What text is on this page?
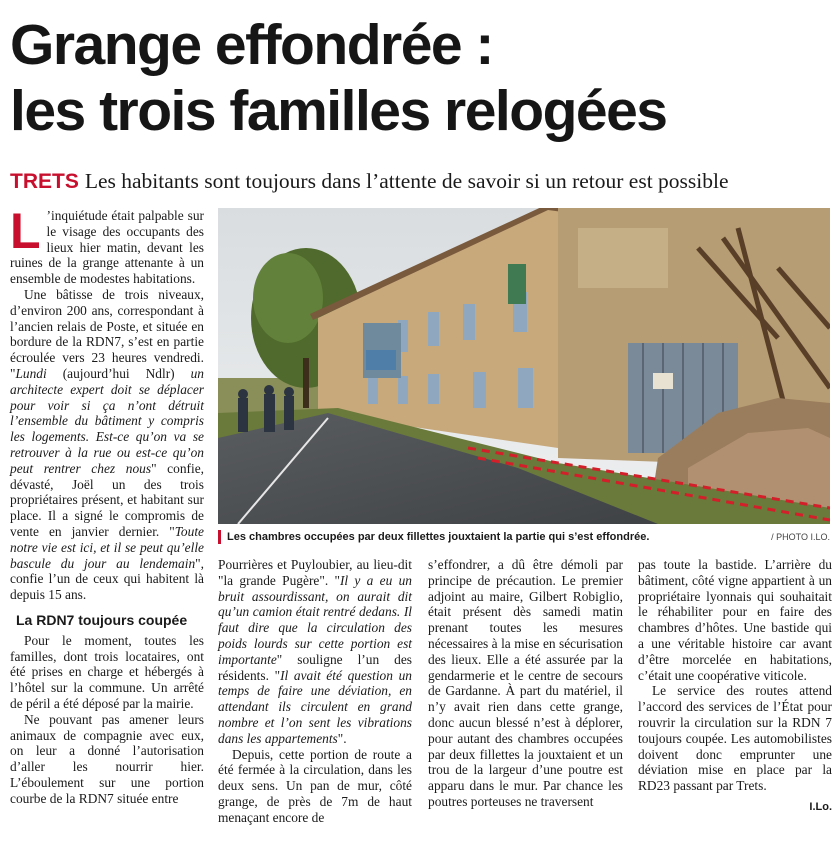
Grange effondrée :
les trois familles relogées
TRETS Les habitants sont toujours dans l’attente de savoir si un retour est possible
L ’inquiétude était palpable sur le visage des occupants des lieux hier matin, devant les ruines de la grange attenante à un ensemble de modestes habitations.

Une bâtisse de trois niveaux, d’environ 200 ans, correspondant à l’ancien relais de Poste, et située en bordure de la RDN7, s’est en partie écroulée vers 23 heures vendredi. "Lundi (aujourd’hui Ndlr) un architecte expert doit se déplacer pour voir si ça n’ont détruit l’ensemble du bâtiment y compris les logements. Est-ce qu’on va se retrouver à la rue ou est-ce qu’on peut rentrer chez nous" confie, dévasté, Joël un des trois propriétaires présent, et habitant sur place. Il a signé le compromis de vente en janvier dernier. "Toute notre vie est ici, et il se peut qu’elle bascule du jour au lendemain", confie l’un de ceux qui habitent là depuis 15 ans.

La RDN7 toujours coupée

Pour le moment, toutes les familles, dont trois locataires, ont été prises en charge et hébergés à l’hôtel sur la commune. Un arrêté de péril a été déposé par la mairie.

Ne pouvant pas amener leurs animaux de compagnie avec eux, on leur a donné l’autorisation d’aller les nourrir hier. L’éboulement sur une portion courbe de la RDN7 située entre

Les chambres occupées par deux fillettes jouxtaient la partie qui s’est effondrée.	/ PHOTO I.LO.

Pourrières et Puyloubier, au lieu-dit "la grande Pugère". "Il y a eu un bruit assourdissant, on aurait dit qu’un camion était rentré dedans. Il faut dire que la circulation des poids lourds sur cette portion est importante" souligne l’un des résidents. "Il avait été question un temps de faire une déviation, en attendant ils circulent en grand nombre et l’on sent les vibrations dans les appartements".

Depuis, cette portion de route a été fermée à la circulation, dans les deux sens. Un pan de mur, côté grange, de près de 7m de haut menaçant encore de

s’effondrer, a dû être démoli par principe de précaution. Le premier adjoint au maire, Gilbert Robiglio, était présent dès samedi matin prenant toutes les mesures nécessaires à la mise en sécurisation des lieux. Elle a été assurée par la gendarmerie et le centre de secours de Gardanne. À part du matériel, il n’y avait rien dans cette grange, donc aucun blessé n’est à déplorer, pour autant des chambres occupées par deux fillettes la jouxtaient et un trou de la largeur d’une poutre est apparu dans le mur. Par chance les poutres porteuses ne traversent

pas toute la bastide. L’arrière du bâtiment, côté vigne appartient à un propriétaire lyonnais qui souhaitait le réhabiliter pour en faire des chambres d’hôtes. Une bastide qui a une véritable histoire car avant d’être morcelée en habitations, c’était une coopérative viticole.

Le service des routes attend l’accord des services de l’État pour rouvrir la circulation sur la RDN 7 toujours coupée. Les automobilistes doivent donc emprunter une déviation mise en place par la RD23 passant par Trets.

I.Lo.
